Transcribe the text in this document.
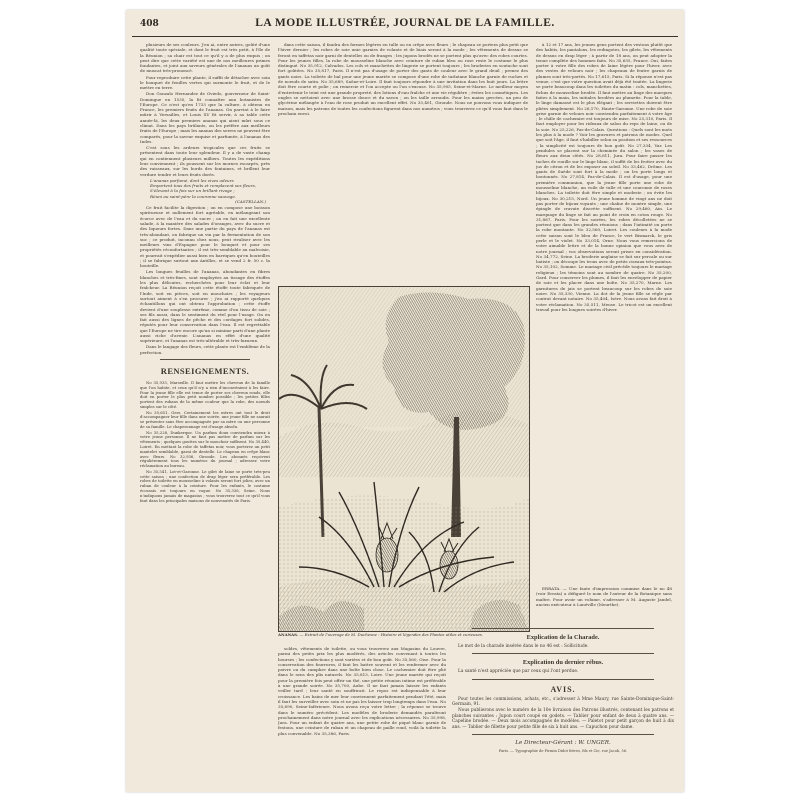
408	LA MODE ILLUSTRÉE, JOURNAL DE LA FAMILLE.

plusieurs de ses couleurs. J'en ai, entre autres, goûté d'une qualité toute spéciale, et dont le fruit est très petit, à l'île de la Réunion ; sa chair est tout ce qu'il y a de plus exquis ; on peut dire que cette variété est une de nos meilleures primes fondantes, et joint aux saveurs générales de l'ananas un goût de muscat très-prononcé.

Pour reproduire cette plante, il suffit de détacher avec soin le bouquet de feuilles vertes qui surmonte le fruit, et de le mettre en terre.

Don Gonzalo Hernandez de Oviedo, gouverneur de Saint-Domingue en 1535, la fit connaître aux botanistes de l'Europe. Ce n'est qu'en 1733 que la culture, à obtenu en France, les premiers fruits de l'ananas. On parvint à le faire mûrir à Versailles, et Louis XV fit servir, à sa table cette année-là, les deux premiers ananas qui aient mûri sous ce climat. Dans les pays brûlants, on les préfère aux meilleurs fruits de l'Europe ; mais les ananas des serres ne peuvent être comparés, pour la saveur exquise et parfumée, à l'ananas des Indes.

C'est sous les ardeurs tropicales que ces fruits se présentent dans toute leur splendeur. Il y a de vaste champ qui en contiennent plusieurs milliers. Toutes les expéditions leur conviennent ; ils poussent sur les mornes escarpés, près des ruisseaux, sur les bords des fontaines, et brillent leur verdure tendre et leurs fruits dorés.

L'ananas parfumé, dont les vives odeurs

Emportent tous des fruits et remplacent ses fleurs,

S'élevant à la fois sur un brillant rivage ;

Réuni au saint-père la couronne sauvage.

(CASTELLAN.)

Ce fruit facilite la digestion ; on en compose une boisson spiritueuse et nullement fort agréable, en mélangeant son écorce avec de l'eau et du sucre ; on en fait une excellente salade, à la manière des salades d'oranges, avec du sucre et des liqueurs fortes. Dans une partie du pays de l'ananas est très-abondant, on fabrique un vin par la fermentation de son suc ; ce produit, inconnu chez nous, peut rivaliser avec les meilleurs vins d'Espagne pour le bouquet et pour ses propriétés réconfortantes ; il est très-semblable au malvoisie, et pourrait s'expédier aussi bien en barriques qu'en bouteilles ; il se fabrique surtout aux Antilles, et se vend 2 fr. 50 c. la bouteille.

Les longues feuilles de l'ananas, abondantes en fibres blanches et très-fines, sont employées au tissage des étoffes les plus délicates, recherchées pour leur éclat et leur fraîcheur. La Réunion reçoit cette étoffe toute fabriquée de l'Inde, soit en pièces, soit en mouchoirs ; les voyageurs surtout aiment à s'en procurer ; j'en ai rapporté quelques échantillons qui ont obtenu l'approbation ; cette étoffe devient d'une souplesse extrême, comme d'un tissu de soie ; ses fils aussi, dans le sentiment du réel pour l'usage. On en fait aussi des lignes de pêche et des cordages fort solides, réputés pour leur conservation dans l'eau. Il est regrettable que l'Europe ne tire encore qu'un si minime parti d'une plante aussi riche d'avenir. L'ananas en effet d'une qualité supérieure, et l'ananas est très-altérable et très-luxueux.

Dans le langage des fleurs, cette plante est l'emblème de la perfection.

RENSEIGNEMENTS.

No 35,933, Marseille. Il faut mettre les cheveux de la famille que l'on habite, et ceux qu'il n'y a rien d'inconvénient à les faire. Pour la jeune fille elle est tenue de porter ses cheveux ronds, elle doit en porter le plus petit nombre possible ; les petites filles portent des rubans de la même couleur que la robe, des noeuds simples sur le côté.

No 35,651, Gers. Certainement les mères ont tout le droit d'accompagner leur fille dans une soirée, une jeune fille ne saurait se présenter sans être accompagnée par sa mère ou une personne de sa famille. Le chaperonnage est d'usage absolu.

No 35,228, Dunkerque. Un parfum doux conviendra mieux à votre jeune personne. Il ne faut pas mettre de parfum sur les vêtements ; quelques gouttes sur le mouchoir suffisent. No 35,440, Loiret. En mettant la robe de taffetas noir, vous porterez un petit mantelet semblable, garni de dentelle. Le chapeau en crêpe blanc avec fleurs. No 32,936, Gironde. Les abonnés reçoivent régulièrement tous les numéros du journal ; adressez votre réclamation au bureau.

No 35,541, Lot-et-Garonne. Le gilet de laine se porte très-peu cette saison ; une confection de drap léger sera préférable. Les robes de toilette en mousseline à volants seront fort jolies, avec un ruban de couleur à la ceinture. Pour les enfants, le costume écossais est toujours en vogue. No 35,336, Seine. Nous n'indiquons jamais de magasins ; vous trouverez tout ce qu'il vous faut dans les principales maisons de nouveautés de Paris.

dans cette saison, il faudra des formes légères en tulle ou en crêpe avec fleurs ; le chapeau se portera plus petit que l'hiver dernier ; les robes de soie unie garnies de volants et de biais seront à la mode ; les vêtements de dessus se feront en taffetas noir garni de dentelles ou de franges ; les jupons brodés ne se portent plus qu'avec des robes courtes. Pour les jeunes filles, la robe de mousseline blanche avec ceinture de ruban bleu ou rose reste le costume le plus distingué. No 35,912, Calvados. Les cols et manchettes de lingerie se portent toujours ; les broderies en soutache sont fort goûtées. No 35,817, Paris. Il n'est pas d'usage de porter des gants de couleur avec le grand deuil ; prenez des gants noirs. La toilette de bal pour une jeune mariée se compose d'une robe de tarlatane blanche garnie de ruches et de noeuds de satin. No 35,689, Saône-et-Loire. Il faut toujours répondre à une invitation dans les huit jours. La lettre doit être courte et polie ; on remercie et l'on accepte ou l'on s'excuse. No 35,905, Seine-et-Marne. Le meilleur moyen d'entretenir le teint est une grande propreté, des lotions d'eau fraîche et une vie régulière ; évitez les cosmétiques. Les ongles se nettoient avec une brosse douce et du savon ; on les taille arrondis. Pour les mains gercées, un peu de glycérine mélangée à l'eau de rose produit un excellent effet. No 35,401, Gironde. Nous ne pouvons vous indiquer de maison, mais les patrons de toutes les confections figurent dans nos numéros ; vous trouverez ce qu'il vous faut dans le prochain envoi.

ANANAS. — Extrait de l'ouvrage de M. Duchesne : Histoire et légendes des Plantes utiles et curieuses.

soldes, vêtements de toilette, ou vous trouverez aux Magasins du Louvre, parmi des petits prix les plus modérés, des articles convenant à toutes les bourses ; les confections y sont variées et de bon goût. No 35,560, Oise. Pour la conservation des fourrures, il faut les battre souvent et les renfermer avec du poivre ou du camphre dans une boîte bien close. Le cachemire doit être plié dans le sens des plis naturels. No 35,813, Loire. Une jeune mariée qui reçoit pour la première fois peut offrir un thé, une petite réunion intime est préférable à une grande soirée. No 35,700, Aube. Il ne faut jamais laisser les enfants veiller tard ; leur santé en souffrirait. Le repos est indispensable à leur croissance. Les bains de mer leur conviennent parfaitement pendant l'été, mais il faut les surveiller avec soin et ne pas les laisser trop longtemps dans l'eau. No 35,690, Seine-Inférieure. Nous avons reçu votre lettre ; la réponse se trouve dans le numéro précédent. Les modèles de broderie demandés paraîtront prochainement dans notre journal avec les explications nécessaires. No 35,998, Jura. Pour un enfant de quatre ans, une petite robe de piqué blanc garnie de festons, une ceinture de ruban et un chapeau de paille rond, voilà la toilette la plus convenable. No 35,386, Paris.

à 12 et 17 ans, les jeunes gens portent des vestons plutôt que des habits, les pantalons, les redingotes, les gilets, les vêtements de dessus en drap léger ; à partir de 18 ans, on peut adopter la tenue complète des hommes faits. No 35,655, France. Oui, faites porter à votre fille des robes de laine légère pour l'hiver, avec des vestes de velours noir ; les chapeaux de feutre garnis de plumes sont très-portés. No 17,615, Paris. Si la réponse n'est pas venue, c'est que votre question avait déjà été traitée. La lingerie se porte beaucoup dans les toilettes du matin : cols, manchettes, fichus de mousseline brodée. Il faut mettre au linge des marques faites à la main, les initiales brodées au plumetis. Pour la table, le linge damassé est le plus élégant ; les serviettes doivent être pliées simplement. No 26,170, Haute-Garonne. Une robe de soie grise garnie de velours noir conviendra parfaitement à votre âge ; le châle de cachemire est toujours de mise. No 25,310, Paris. Il faut employer pour les rideaux de salon du reps de laine, ou de la soie. No 25,226, Pas-de-Calais. Questions : Quels sont les mots les plus à la mode ? Voir les gravures et patrons de modes. Quel que soit l'âge, il faut s'habiller selon sa position et ses ressources ; la simplicité est toujours de bon goût. No 27,334, Var. Les pendules se placent sur la cheminée du salon ; les vases de fleurs aux deux côtés. No 28,811, Jura. Pour faire passer les taches de rouille sur le linge blanc, il suffit de les frotter avec du jus de citron et de les exposer au soleil. No 33,462, Drôme. Les gants de Suède sont fort à la mode ; on les porte longs et boutonnés. No 27,814, Pas-de-Calais. Il est d'usage, pour une première communion, que la jeune fille porte une robe de mousseline blanche, un voile de tulle et une couronne de roses blanches. La toilette doit être simple et modeste ; on évite les bijoux. No 30,215, Nord. Un jeune homme de vingt ans ne doit pas porter de bijoux voyants ; une chaîne de montre simple, une épingle de cravate discrète suffisent. No 29,460, Ain. Le marquage du linge se fait au point de croix en coton rouge. No 31,887, Paris. Pour les soirées, les robes décolletées ne se portent que dans les grandes réunions ; dans l'intimité on porte la robe montante. No 32,560, Loiret. Les couleurs à la mode cette saison sont le bleu de France, le vert Bismarck, le gris perle et le violet. No 33,014, Orne. Nous vous remercions de votre aimable lettre et de la bonne opinion que vous avez de notre journal ; vos observations seront prises en considération. No 34,772, Seine. La broderie anglaise se fait sur percale ou sur batiste ; on découpe les trous avec de petits ciseaux très-pointus. No 35,102, Somme. Le mariage civil précède toujours le mariage religieux ; les témoins sont au nombre de quatre. No 35,200, Gard. Pour conserver les plumes, il faut les envelopper de papier de soie et les placer dans une boîte. No 35,270, Marne. Les garnitures de jais se portent beaucoup sur les robes de soie noire. No 35,330, Vienne. La dot de la jeune fille se règle par contrat devant notaire. No 35,404, Isère. Nous avons fait droit à votre réclamation. No 35,511, Meuse. Le tricot est un excellent travail pour les longues soirées d'hiver.

ERRATA. — Une faute d'impression commise dans le no 48 (voir Errata) a défiguré le nom de l'auteur de la Botanique sans maître. Pour avoir un volume, s'adresser à M. Auguste Jandel, ancien exécuteur à Lunéville (Meurthe).

Explication de la Charade.

Le mot de la charade insérée dans le no 46 est : Sollicitude.

Explication du dernier rébus.

La santé n'est appréciée que par ceux qui l'ont perdue.

AVIS.

Pour toutes les commissions, achats, etc., s'adresser à Mme Maury, rue Sainte-Dominique-Saint-Germain, 91.

Nous publierons avec le numéro de la 10e livraison des Patrons illustrés, contenant les patrons et planches suivantes : Jupon court coupé en godets. — Tablier pour enfant de deux à quatre ans. — Capeline brodée. — Deux mois accompagnés de modèles. — Paletot pour petit garçon de huit à dix ans. — Tablier de fillette pour petite fille de six à huit ans. — Capuchon pour dame.

Le Directeur-Gérant : W. UNGER.
Paris. — Typographie de Firmin Didot frères, fils et Cie, rue Jacob, 56.
